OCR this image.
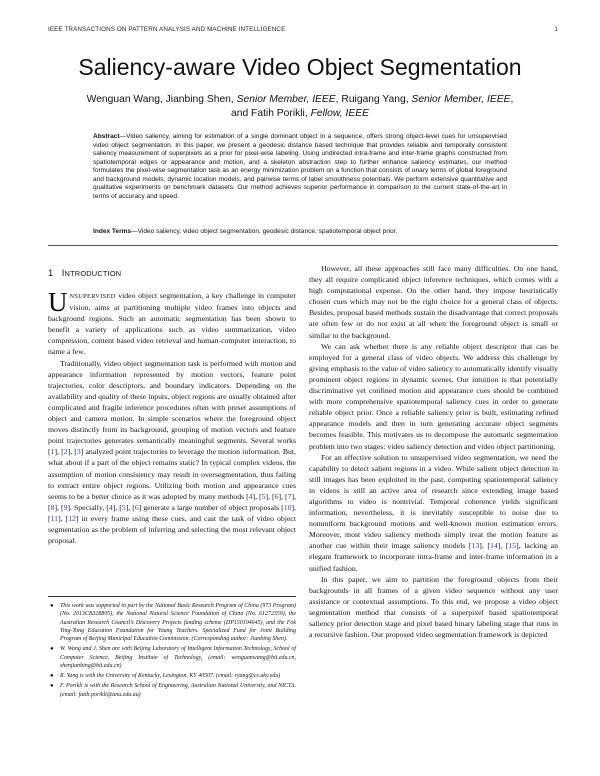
IEEE TRANSACTIONS ON PATTERN ANALYSIS AND MACHINE INTELLIGENCE	1
Saliency-aware Video Object Segmentation
Wenguan Wang, Jianbing Shen, Senior Member, IEEE, Ruigang Yang, Senior Member, IEEE,
and Fatih Porikli, Fellow, IEEE
Abstract—Video saliency, aiming for estimation of a single dominant object in a sequence, offers strong object-level cues for unsupervised video object segmentation. In this paper, we present a geodesic distance based technique that provides reliable and temporally consistent saliency measurement of superpixels as a prior for pixel-wise labeling. Using undirected intra-frame and inter-frame graphs constructed from spatiotemporal edges or appearance and motion, and a skeleton abstraction step to further enhance saliency estimates, our method formulates the pixel-wise segmentation task as an energy minimization problem on a function that consists of unary terms of global foreground and background models, dynamic location models, and pairwise terms of label smoothness potentials. We perform extensive quantitative and qualitative experiments on benchmark datasets. Our method achieves superior performance in comparison to the current state-of-the-art in terms of accuracy and speed.
Index Terms—Video saliency, video object segmentation, geodesic distance, spatiotemporal object prior.
1 INTRODUCTION

UNSUPERVISED video object segmentation, a key challenge in computer vision, aims at partitioning multiple video frames into objects and background regions. Such an automatic segmentation has been shown to benefit a variety of applications such as video summarization, video compression, content based video retrieval and human-computer interaction, to name a few.

Traditionally, video object segmentation task is performed with motion and appearance information represented by motion vectors, feature point trajectories, color descriptors, and boundary indicators. Depending on the availability and quality of these inputs, object regions are usually obtained after complicated and fragile inference procedures often with preset assumptions of object and camera motion. In simple scenarios where the foreground object moves distinctly from its background, grouping of motion vectors and feature point trajectories generates semantically meaningful segments. Several works [1], [2], [3] analyzed point trajectories to leverage the motion information. But, what about if a part of the object remains static? In typical complex videos, the assumption of motion consistency may result in oversegmentation, thus failing to extract entire object regions. Utilizing both motion and appearance cues seems to be a better choice as it was adopted by many methods [4], [5], [6], [7], [8], [9]. Specially, [4], [5], [6] generate a large number of object proposals [10], [11], [12] in every frame using these cues, and cast the task of video object segmentation as the problem of inferring and selecting the most relevant object proposal.

● This work was supported in part by the National Basic Research Program of China (973 Program) (No. 2013CB328805), the National Natural Science Foundation of China (No. 61272359), the Australian Research Council’s Discovery Projects funding scheme (DP150104645), and the Fok Ying-Tong Education Foundation for Young Teachers. Specialized Fund for Joint Building Program of Beijing Municipal Education Commission. (Corresponding author: Jianbing Shen).
● W. Wang and J. Shen are with Beijing Laboratory of Intelligent Information Technology, School of Computer Science, Beijing Institute of Technology, (email: wenguanwang@bit.edu.cn, shenjianbing@bit.edu.cn)
● R. Yang is with the University of Kentucky, Lexington, KY 40507. (email: ryang@cs.uky.edu)
● F. Porikli is with the Research School of Engineering, Australian National University, and NICTA. (email: fatih.porikli@anu.edu.au)

However, all these approaches still face many difficulties. On one hand, they all require complicated object inference techniques, which comes with a high computational expense. On the other hand, they impose heuristically chosen cues which may not be the right choice for a general class of objects. Besides, proposal based methods sustain the disadvantage that correct proposals are often few or do not exist at all when the foreground object is small or similar to the background.

We can ask whether there is any reliable object descriptor that can be employed for a general class of video objects. We address this challenge by giving emphasis to the value of video saliency to automatically identify visually prominent object regions in dynamic scenes. Our intuition is that potentially discriminative yet confined motion and appearance cues should be combined with more comprehensive spatiotemporal saliency cues in order to generate reliable object prior. Once a reliable saliency prior is built, estimating refined appearance models and then in turn generating accurate object segments becomes feasible. This motivates us to decompose the automatic segmentation problem into two stages: video saliency detection and video object partitioning.

For an effective solution to unsupervised video segmentation, we need the capability to detect salient regions in a video. While salient object detection in still images has been exploited in the past, computing spatiotemporal saliency in videos is still an active area of research since extending image based algorithms to video is nontrivial. Temporal coherence yields significant information, nevertheless, it is inevitably susceptible to noise due to nonuniform background motions and well-known motion estimation errors. Moreover, most video saliency methods simply treat the motion feature as another cue within their image saliency models [13], [14], [15], lacking an elegant framework to incorporate intra-frame and inter-frame information in a unified fashion.

In this paper, we aim to partition the foreground objects from their backgrounds in all frames of a given video sequence without any user assistance or contextual assumptions. To this end, we propose a video object segmentation method that consists of a superpixel based spatiotemporal saliency prior detection stage and pixel based binary labeling stage that runs in a recursive fashion. Our proposed video segmentation framework is depicted
